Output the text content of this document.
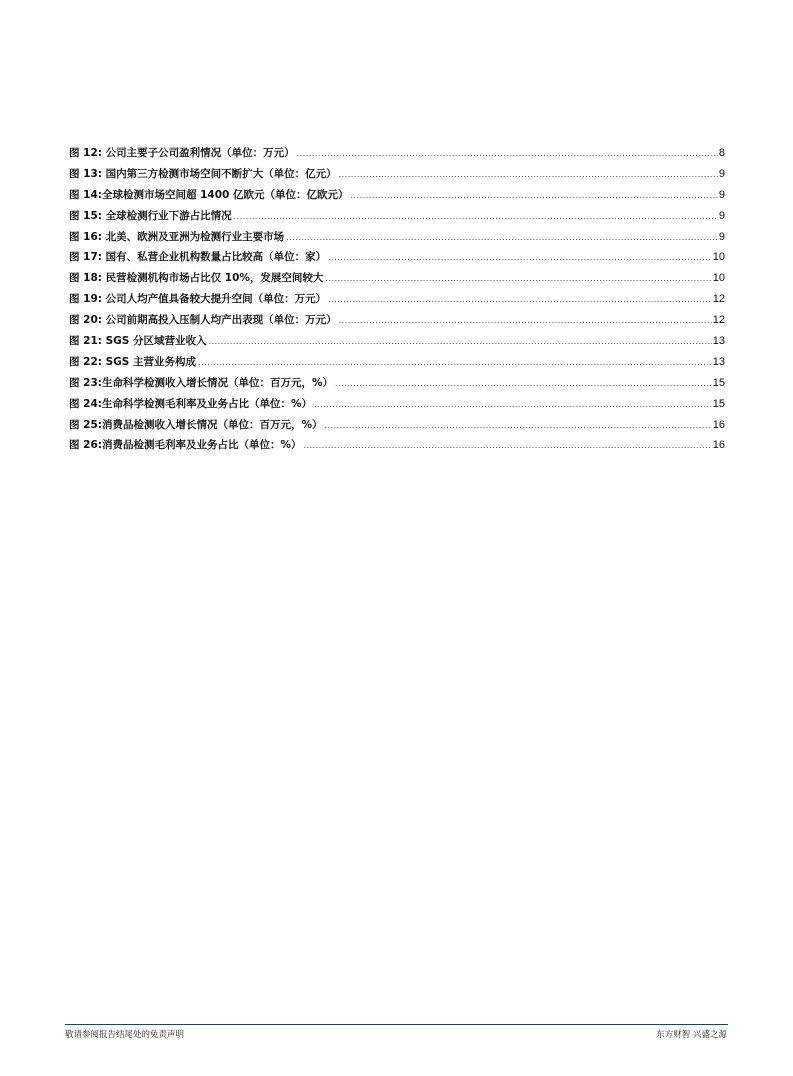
图 12: 公司主要子公司盈利情况（单位：万元） .....	8
图 13: 国内第三方检测市场空间不断扩大（单位：亿元） .....	9
图 14:全球检测市场空间超 1400 亿欧元（单位：亿欧元） .....	9
图 15: 全球检测行业下游占比情况 .....	9
图 16: 北美、欧洲及亚洲为检测行业主要市场 .....	9
图 17: 国有、私营企业机构数量占比较高（单位：家） .....	10
图 18: 民营检测机构市场占比仅 10%，发展空间较大 .....	10
图 19: 公司人均产值具备较大提升空间（单位：万元） .....	12
图 20: 公司前期高投入压制人均产出表现（单位：万元） .....	12
图 21: SGS 分区域营业收入 .....	13
图 22: SGS 主营业务构成 .....	13
图 23:生命科学检测收入增长情况（单位：百万元，%） .....	15
图 24:生命科学检测毛利率及业务占比（单位：%） .....	15
图 25:消费品检测收入增长情况（单位：百万元，%） .....	16
图 26:消费品检测毛利率及业务占比（单位：%） .....	16
敬请参阅报告结尾处的免责声明	东方财智 兴盛之源
